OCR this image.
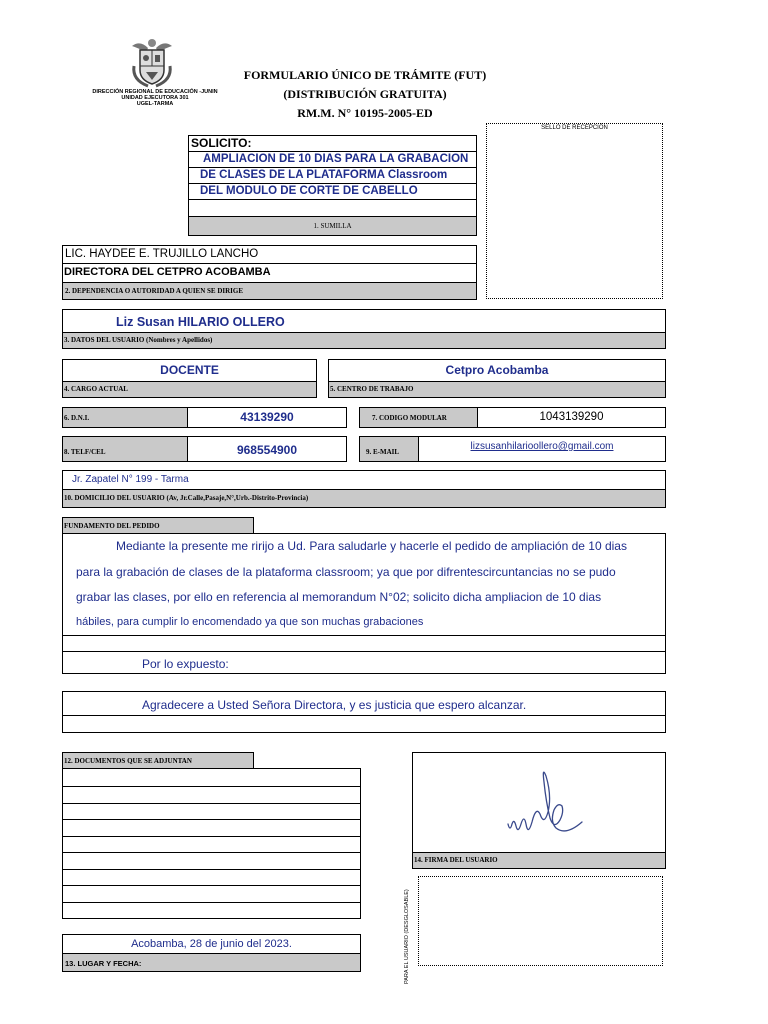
DIRECCIÓN REGIONAL DE EDUCACIÓN -JUNIN
UNIDAD EJECUTORA 301
UGEL-TARMA
FORMULARIO ÚNICO DE TRÁMITE (FUT)
(DISTRIBUCIÓN GRATUITA)
RM.M. N° 10195-2005-ED
SELLO DE RECEPCIÓN
SOLICITO:
AMPLIACION DE 10 DIAS PARA LA GRABACION
DE CLASES DE LA PLATAFORMA Classroom
DEL MODULO DE CORTE DE CABELLO
1. SUMILLA
LIC. HAYDEE E. TRUJILLO LANCHO
DIRECTORA DEL CETPRO ACOBAMBA
2. DEPENDENCIA O AUTORIDAD A QUIEN SE DIRIGE
Liz Susan HILARIO OLLERO
3. DATOS DEL USUARIO (Nombres y Apellidos)
DOCENTE
4. CARGO ACTUAL
Cetpro Acobamba
5. CENTRO DE TRABAJO
6. D.N.I.	43139290	7. CODIGO MODULAR	1043139290
8. TELF/CEL	968554900	9. E-MAIL	lizsusanhilarioollero@gmail.com
Jr. Zapatel N° 199 - Tarma
10. DOMICILIO DEL USUARIO (Av, Jr.Calle,Pasaje,N°,Urb.-Distrito-Provincia)
FUNDAMENTO DEL PEDIDO
Mediante la presente me ririjo a Ud. Para saludarle y hacerle el pedido de ampliación de 10 dias
para la grabación de clases de la plataforma classroom; ya que por difrentescircuntancias no se pudo
grabar las clases, por ello en referencia al memorandum N°02; solicito dicha ampliacion de 10 dias
hábiles, para cumplir lo encomendado ya que son muchas grabaciones
Por lo expuesto:
Agradecere a Usted Señora Directora, y es justicia que espero alcanzar.
12. DOCUMENTOS QUE SE ADJUNTAN
Acobamba, 28 de junio del 2023.
13. LUGAR Y FECHA:
14. FIRMA DEL USUARIO
PARA EL USUARIO (DESGLOSABLE)
